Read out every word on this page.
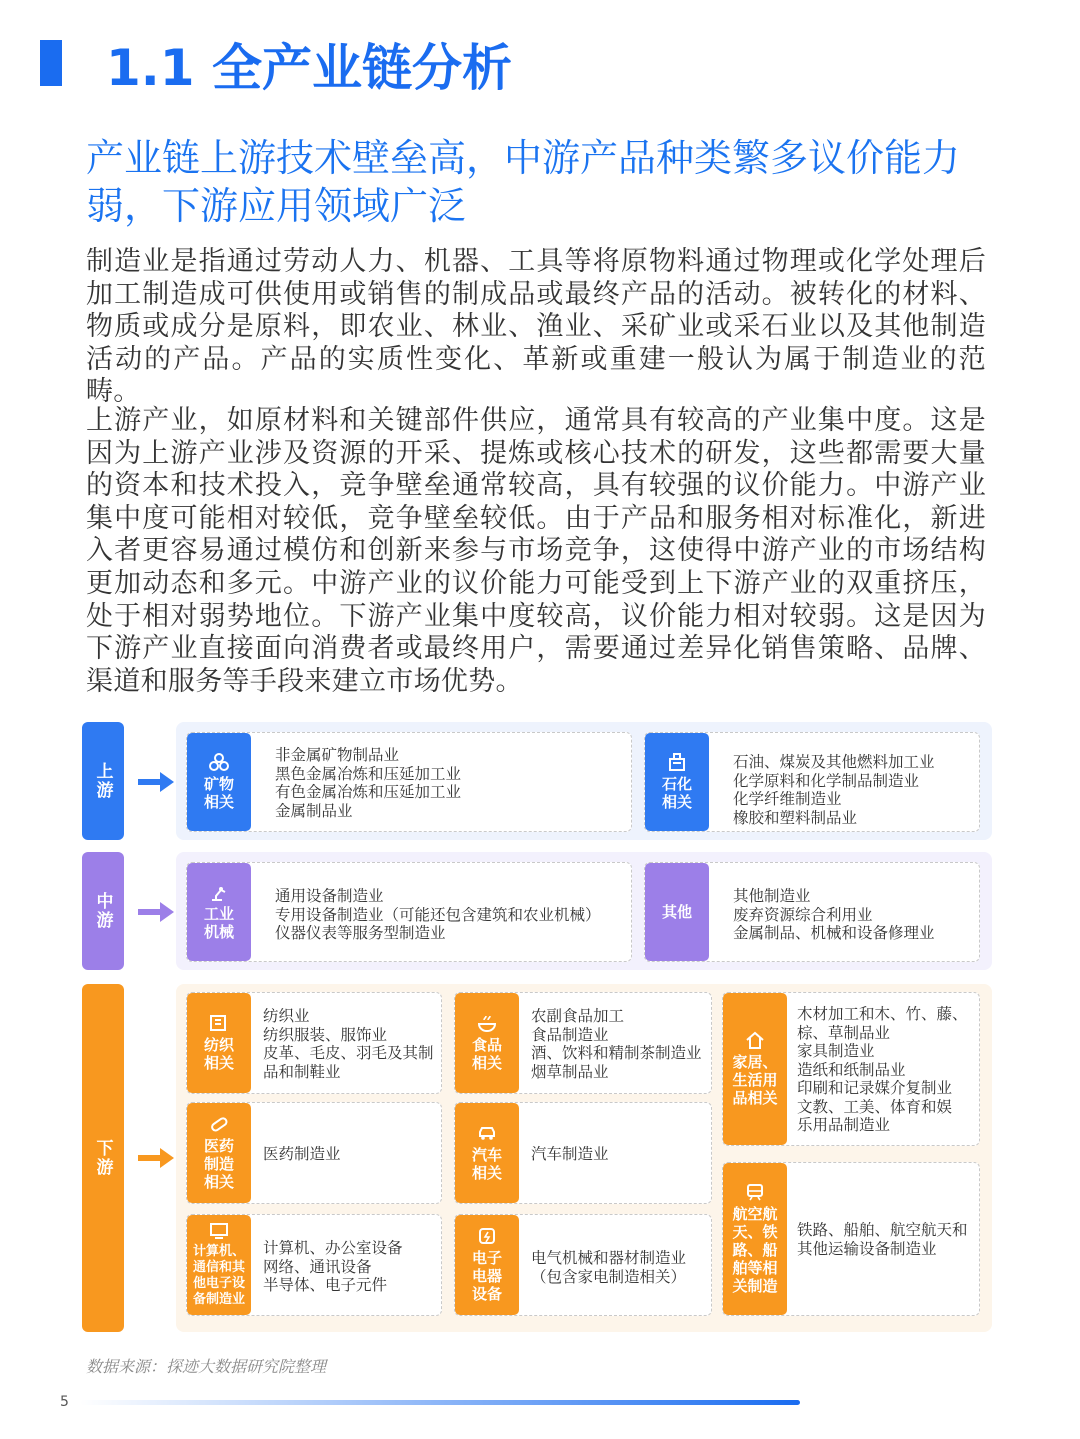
1.1 全产业链分析
产业链上游技术壁垒高，中游产品种类繁多议价能力弱，下游应用领域广泛

制造业是指通过劳动人力、机器、工具等将原物料通过物理或化学处理后加工制造成可供使用或销售的制成品或最终产品的活动。被转化的材料、物质或成分是原料，即农业、林业、渔业、采矿业或采石业以及其他制造活动的产品。产品的实质性变化、革新或重建一般认为属于制造业的范畴。

上游产业，如原材料和关键部件供应，通常具有较高的产业集中度。这是因为上游产业涉及资源的开采、提炼或核心技术的研发，这些都需要大量的资本和技术投入，竞争壁垒通常较高，具有较强的议价能力。中游产业集中度可能相对较低，竞争壁垒较低。由于产品和服务相对标准化，新进入者更容易通过模仿和创新来参与市场竞争，这使得中游产业的市场结构更加动态和多元。中游产业的议价能力可能受到上下游产业的双重挤压，处于相对弱势地位。下游产业集中度较高，议价能力相对较弱。这是因为下游产业直接面向消费者或最终用户，需要通过差异化销售策略、品牌、渠道和服务等手段来建立市场优势。

上游	矿物相关
非金属矿物制品业
黑色金属冶炼和压延加工业
有色金属冶炼和压延加工业
金属制品业
石化相关
石油、煤炭及其他燃料加工业
化学原料和化学制品制造业
化学纤维制造业
橡胶和塑料制品业
中游	工业机械
通用设备制造业
专用设备制造业（可能还包含建筑和农业机械）
仪器仪表等服务型制造业
其他
其他制造业
废弃资源综合利用业
金属制品、机械和设备修理业
下游
纺织相关
纺织业
纺织服装、服饰业
皮革、毛皮、羽毛及其制
品和制鞋业
医药制造相关
医药制造业
计算机、通信和其他电子设备制造业
计算机、办公室设备
网络、通讯设备
半导体、电子元件
食品相关
农副食品加工
食品制造业
酒、饮料和精制茶制造业
烟草制品业
汽车相关
汽车制造业
电子电器设备
电气机械和器材制造业
（包含家电制造相关）
家居、生活用品相关
木材加工和木、竹、藤、
棕、草制品业
家具制造业
造纸和纸制品业
印刷和记录媒介复制业
文教、工美、体育和娱
乐用品制造业
航空航天、铁路、船舶等相关制造
铁路、船舶、航空航天和
其他运输设备制造业
数据来源：探迹大数据研究院整理
5
